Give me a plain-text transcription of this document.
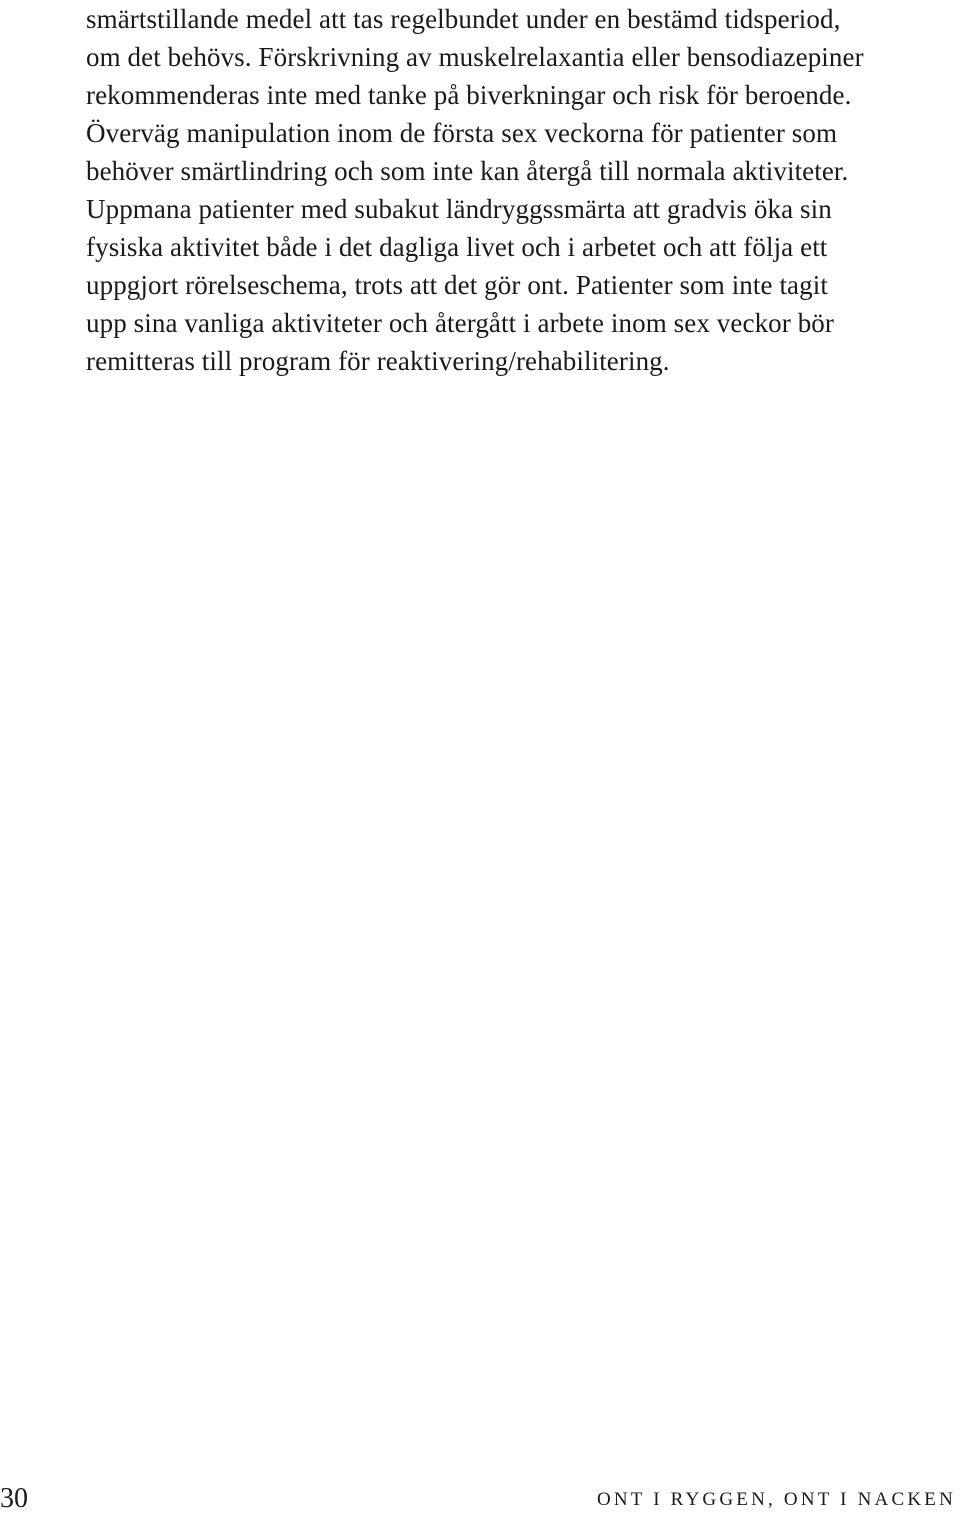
smärtstillande medel att tas regelbundet under en bestämd tidsperiod,
om det behövs. Förskrivning av muskelrelaxantia eller bensodiazepiner
rekommenderas inte med tanke på biverkningar och risk för beroende.
Överväg manipulation inom de första sex veckorna för patienter som
behöver smärtlindring och som inte kan återgå till normala aktiviteter.
Uppmana patienter med subakut ländryggssmärta att gradvis öka sin
fysiska aktivitet både i det dagliga livet och i arbetet och att följa ett
uppgjort rörelseschema, trots att det gör ont. Patienter som inte tagit
upp sina vanliga aktiviteter och återgått i arbete inom sex veckor bör
remitteras till program för reaktivering/rehabilitering.
30	ONT I RYGGEN, ONT I NACKEN
